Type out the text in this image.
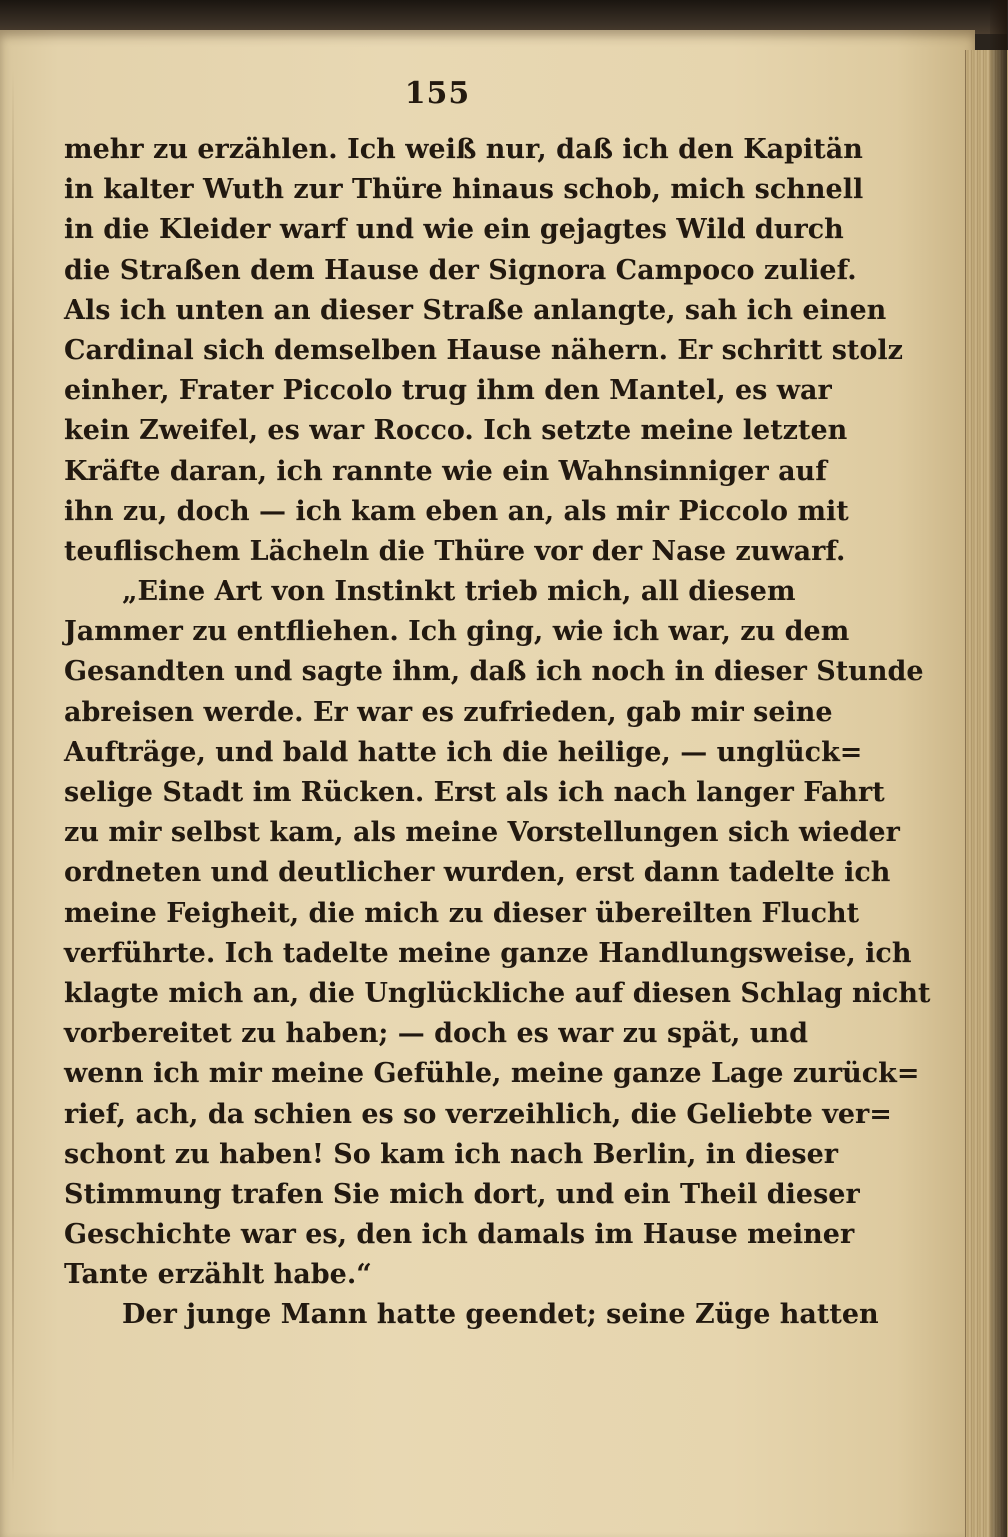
155
mehr zu erzählen. Ich weiß nur, daß ich den Kapitän
in kalter Wuth zur Thüre hinaus schob, mich schnell
in die Kleider warf und wie ein gejagtes Wild durch
die Straßen dem Hause der Signora Campoco zulief.
Als ich unten an dieser Straße anlangte, sah ich einen
Cardinal sich demselben Hause nähern. Er schritt stolz
einher, Frater Piccolo trug ihm den Mantel, es war
kein Zweifel, es war Rocco. Ich setzte meine letzten
Kräfte daran, ich rannte wie ein Wahnsinniger auf
ihn zu, doch — ich kam eben an, als mir Piccolo mit
teuflischem Lächeln die Thüre vor der Nase zuwarf.
„Eine Art von Instinkt trieb mich, all diesem
Jammer zu entfliehen. Ich ging, wie ich war, zu dem
Gesandten und sagte ihm, daß ich noch in dieser Stunde
abreisen werde. Er war es zufrieden, gab mir seine
Aufträge, und bald hatte ich die heilige, — unglück=
selige Stadt im Rücken. Erst als ich nach langer Fahrt
zu mir selbst kam, als meine Vorstellungen sich wieder
ordneten und deutlicher wurden, erst dann tadelte ich
meine Feigheit, die mich zu dieser übereilten Flucht
verführte. Ich tadelte meine ganze Handlungsweise, ich
klagte mich an, die Unglückliche auf diesen Schlag nicht
vorbereitet zu haben; — doch es war zu spät, und
wenn ich mir meine Gefühle, meine ganze Lage zurück=
rief, ach, da schien es so verzeihlich, die Geliebte ver=
schont zu haben! So kam ich nach Berlin, in dieser
Stimmung trafen Sie mich dort, und ein Theil dieser
Geschichte war es, den ich damals im Hause meiner
Tante erzählt habe.“
Der junge Mann hatte geendet; seine Züge hatten
